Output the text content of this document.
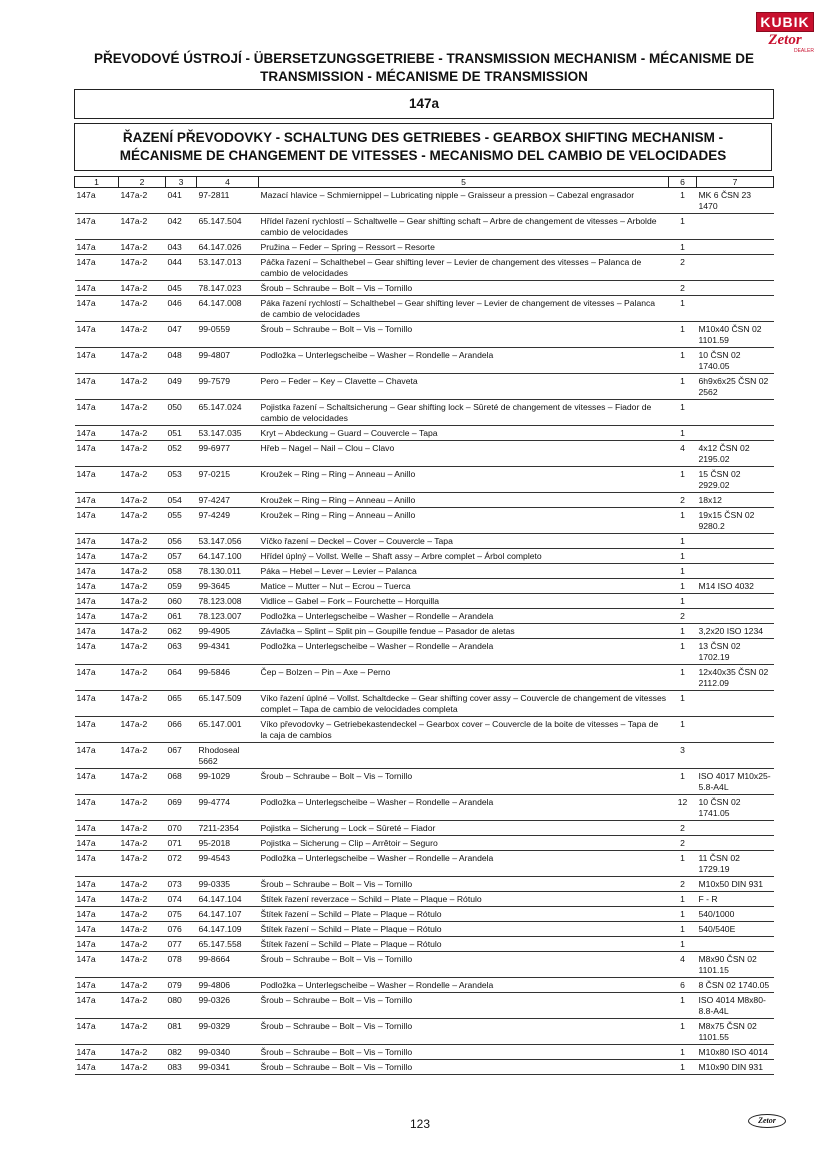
KUBIK
Zetor
DEALER
PŘEVODOVÉ ÚSTROJÍ - ÜBERSETZUNGSGETRIEBE - TRANSMISSION MECHANISM - MÉCANISME DE
TRANSMISSION - MÉCANISME DE TRANSMISSION
147a
ŘAZENÍ PŘEVODOVKY - SCHALTUNG DES GETRIEBES - GEARBOX SHIFTING MECHANISM -
MÉCANISME DE CHANGEMENT DE VITESSES - MECANISMO DEL CAMBIO DE VELOCIDADES
1	2	3	4	5	6	7
147a	147a-2	041	97-2811	Mazací hlavice – Schmiernippel – Lubricating nipple – Graisseur a pression – Cabezal engrasador	1	MK 6 ČSN 23 1470
147a	147a-2	042	65.147.504	Hřídel řazení rychlostí – Schaltwelle – Gear shifting schaft – Arbre de changement de vitesses – Arbolde cambio de velocidades	1	
147a	147a-2	043	64.147.026	Pružina – Feder – Spring – Ressort – Resorte	1	
147a	147a-2	044	53.147.013	Páčka řazení – Schalthebel – Gear shifting lever – Levier de changement des vitesses – Palanca de cambio de velocidades	2	
147a	147a-2	045	78.147.023	Šroub – Schraube – Bolt – Vis – Tornillo	2	
147a	147a-2	046	64.147.008	Páka řazení rychlostí – Schalthebel – Gear shifting lever – Levier de changement de vitesses – Palanca de cambio de velocidades	1	
147a	147a-2	047	99-0559	Šroub – Schraube – Bolt – Vis – Tornillo	1	M10x40 ČSN 02 1101.59
147a	147a-2	048	99-4807	Podložka – Unterlegscheibe – Washer – Rondelle – Arandela	1	10 ČSN 02 1740.05
147a	147a-2	049	99-7579	Pero – Feder – Key – Clavette – Chaveta	1	6h9x6x25 ČSN 02 2562
147a	147a-2	050	65.147.024	Pojistka řazení – Schaltsicherung – Gear shifting lock – Sûreté de changement de vitesses – Fiador de cambio de velocidades	1	
147a	147a-2	051	53.147.035	Kryt – Abdeckung – Guard – Couvercle – Tapa	1	
147a	147a-2	052	99-6977	Hřeb – Nagel – Nail – Clou – Clavo	4	4x12 ČSN 02 2195.02
147a	147a-2	053	97-0215	Kroužek – Ring – Ring – Anneau – Anillo	1	15 ČSN 02 2929.02
147a	147a-2	054	97-4247	Kroužek – Ring – Ring – Anneau – Anillo	2	18x12
147a	147a-2	055	97-4249	Kroužek – Ring – Ring – Anneau – Anillo	1	19x15 ČSN 02 9280.2
147a	147a-2	056	53.147.056	Víčko řazení – Deckel – Cover – Couvercle – Tapa	1	
147a	147a-2	057	64.147.100	Hřídel úplný – Vollst. Welle – Shaft assy – Arbre complet – Árbol completo	1	
147a	147a-2	058	78.130.011	Páka – Hebel – Lever – Levier – Palanca	1	
147a	147a-2	059	99-3645	Matice – Mutter – Nut – Ecrou – Tuerca	1	M14 ISO 4032
147a	147a-2	060	78.123.008	Vidlice – Gabel – Fork – Fourchette – Horquilla	1	
147a	147a-2	061	78.123.007	Podložka – Unterlegscheibe – Washer – Rondelle – Arandela	2	
147a	147a-2	062	99-4905	Závlačka – Splint – Split pin – Goupille fendue – Pasador de aletas	1	3,2x20 ISO 1234
147a	147a-2	063	99-4341	Podložka – Unterlegscheibe – Washer – Rondelle – Arandela	1	13 ČSN 02 1702.19
147a	147a-2	064	99-5846	Čep – Bolzen – Pin – Axe – Perno	1	12x40x35 ČSN 02 2112.09
147a	147a-2	065	65.147.509	Víko řazení úplné – Vollst. Schaltdecke – Gear shifting cover assy – Couvercle de changement de vitesses complet – Tapa de cambio de velocidades completa	1	
147a	147a-2	066	65.147.001	Víko převodovky – Getriebekastendeckel – Gearbox cover – Couvercle de la boite de vitesses – Tapa de la caja de cambios	1	
147a	147a-2	067	Rhodoseal 5662		3	
147a	147a-2	068	99-1029	Šroub – Schraube – Bolt – Vis – Tornillo	1	ISO 4017 M10x25-5.8-A4L
147a	147a-2	069	99-4774	Podložka – Unterlegscheibe – Washer – Rondelle – Arandela	12	10 ČSN 02 1741.05
147a	147a-2	070	7211-2354	Pojistka – Sicherung – Lock – Sûreté – Fiador	2	
147a	147a-2	071	95-2018	Pojistka – Sicherung – Clip – Arrêtoir – Seguro	2	
147a	147a-2	072	99-4543	Podložka – Unterlegscheibe – Washer – Rondelle – Arandela	1	11 ČSN 02 1729.19
147a	147a-2	073	99-0335	Šroub – Schraube – Bolt – Vis – Tornillo	2	M10x50 DIN 931
147a	147a-2	074	64.147.104	Štítek řazení reverzace – Schild – Plate – Plaque – Rótulo	1	F - R
147a	147a-2	075	64.147.107	Štítek řazení – Schild – Plate – Plaque – Rótulo	1	540/1000
147a	147a-2	076	64.147.109	Štítek řazení – Schild – Plate – Plaque – Rótulo	1	540/540E
147a	147a-2	077	65.147.558	Štítek řazení – Schild – Plate – Plaque – Rótulo	1	
147a	147a-2	078	99-8664	Šroub – Schraube – Bolt – Vis – Tornillo	4	M8x90 ČSN 02 1101.15
147a	147a-2	079	99-4806	Podložka – Unterlegscheibe – Washer – Rondelle – Arandela	6	8 ČSN 02 1740.05
147a	147a-2	080	99-0326	Šroub – Schraube – Bolt – Vis – Tornillo	1	ISO 4014 M8x80-8.8-A4L
147a	147a-2	081	99-0329	Šroub – Schraube – Bolt – Vis – Tornillo	1	M8x75 ČSN 02 1101.55
147a	147a-2	082	99-0340	Šroub – Schraube – Bolt – Vis – Tornillo	1	M10x80 ISO 4014
147a	147a-2	083	99-0341	Šroub – Schraube – Bolt – Vis – Tornillo	1	M10x90 DIN 931
123	Zetor
